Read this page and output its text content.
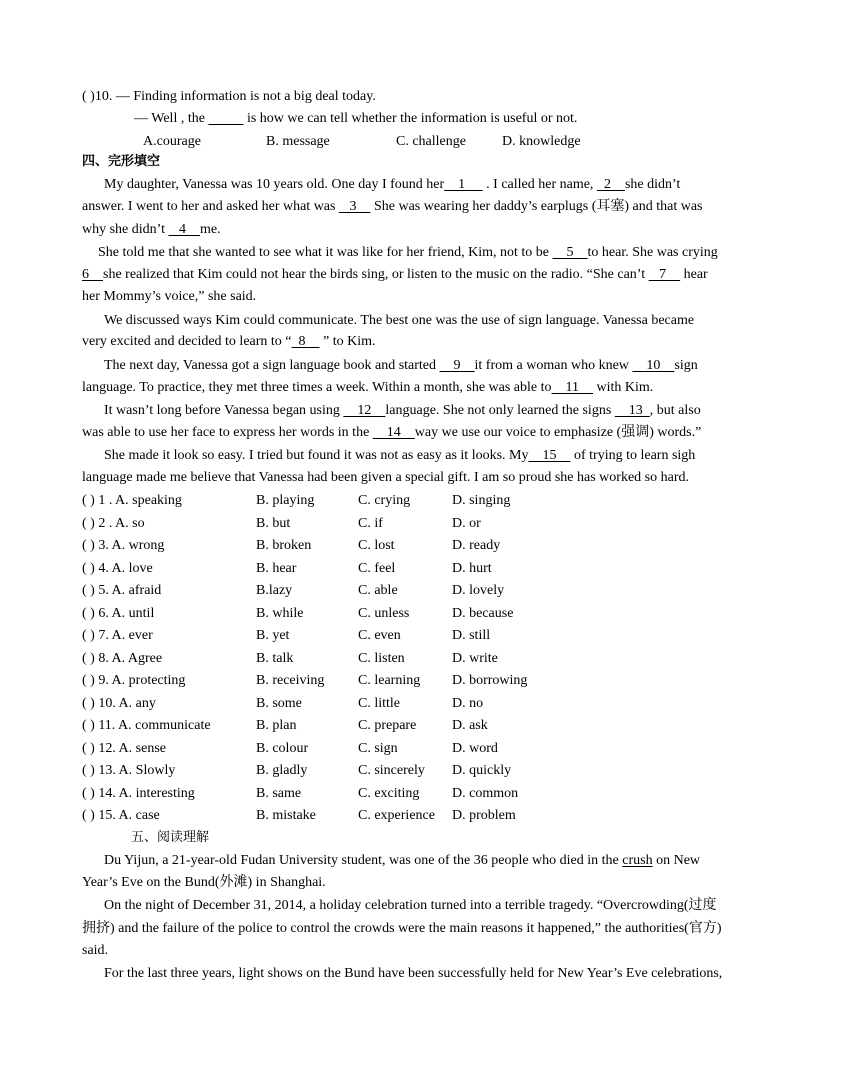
( )10. — Finding information is not a big deal today.
— Well , the	is how we can tell whether the information is useful or not.
A.courage	B. message	C. challenge	D. knowledge
四、完形填空
My daughter, Vanessa was 10 years old. One day I found her    1      . I called her name,   2    she didn’t
answer. I went to her and asked her what was    3     She was wearing her daddy’s earplugs (耳塞) and that was
why she didn’t    4    me.
She told me that she wanted to see what it was like for her friend, Kim, not to be     5    to hear. She was crying
6    she realized that Kim could not hear the birds sing, or listen to the music on the radio. “She can’t    7     hear
her Mommy’s voice,” she said.
We discussed ways Kim could communicate. The best one was the use of sign language. Vanessa became
very excited and decided to learn to “  8     ” to Kim.
The next day, Vanessa got a sign language book and started     9    it from a woman who knew     10    sign
language. To practice, they met three times a week. Within a month, she was able to    11     with Kim.
It wasn’t long before Vanessa began using     12    language. She not only learned the signs     13  , but also
was able to use her face to express her words in the     14    way we use our voice to emphasize (强调) words.”
She made it look so easy. I tried but found it was not as easy as it looks. My    15     of trying to learn sigh
language made me believe that Vanessa had been given a special gift. I am so proud she has worked so hard.
( ) 1 . A. speaking	B. playing	C. crying	D. singing
( ) 2 . A. so	B. but	C. if	D. or
( ) 3. A. wrong	B. broken	C. lost	D. ready
( ) 4. A. love	B. hear	C. feel	D. hurt
( ) 5. A. afraid	B.lazy	C. able	D. lovely
( ) 6. A. until	B. while	C. unless	D. because
( ) 7. A. ever	B. yet	C. even	D. still
( ) 8. A. Agree	B. talk	C. listen	D. write
( ) 9. A. protecting	B. receiving C. learning D. borrowing
( ) 10. A. any	B. some	C. little	D. no
( ) 11. A. communicate	B. plan	C. prepare	D. ask
( ) 12. A. sense	B. colour	C. sign	D. word
( ) 13. A. Slowly	B. gladly	C. sincerely D. quickly
( ) 14. A. interesting	B. same	C. exciting D. common
( ) 15. A. case	B. mistake	C. experience D. problem
五、阅读理解
Du Yijun, a 21-year-old Fudan University student, was one of the 36 people who died in the crush on New
Year’s Eve on the Bund(外滩) in Shanghai.
On the night of December 31, 2014, a holiday celebration turned into a terrible tragedy. “Overcrowding(过度
拥挤) and the failure of the police to control the crowds were the main reasons it happened,” the authorities(官方)
said.
For the last three years, light shows on the Bund have been successfully held for New Year’s Eve celebrations,
